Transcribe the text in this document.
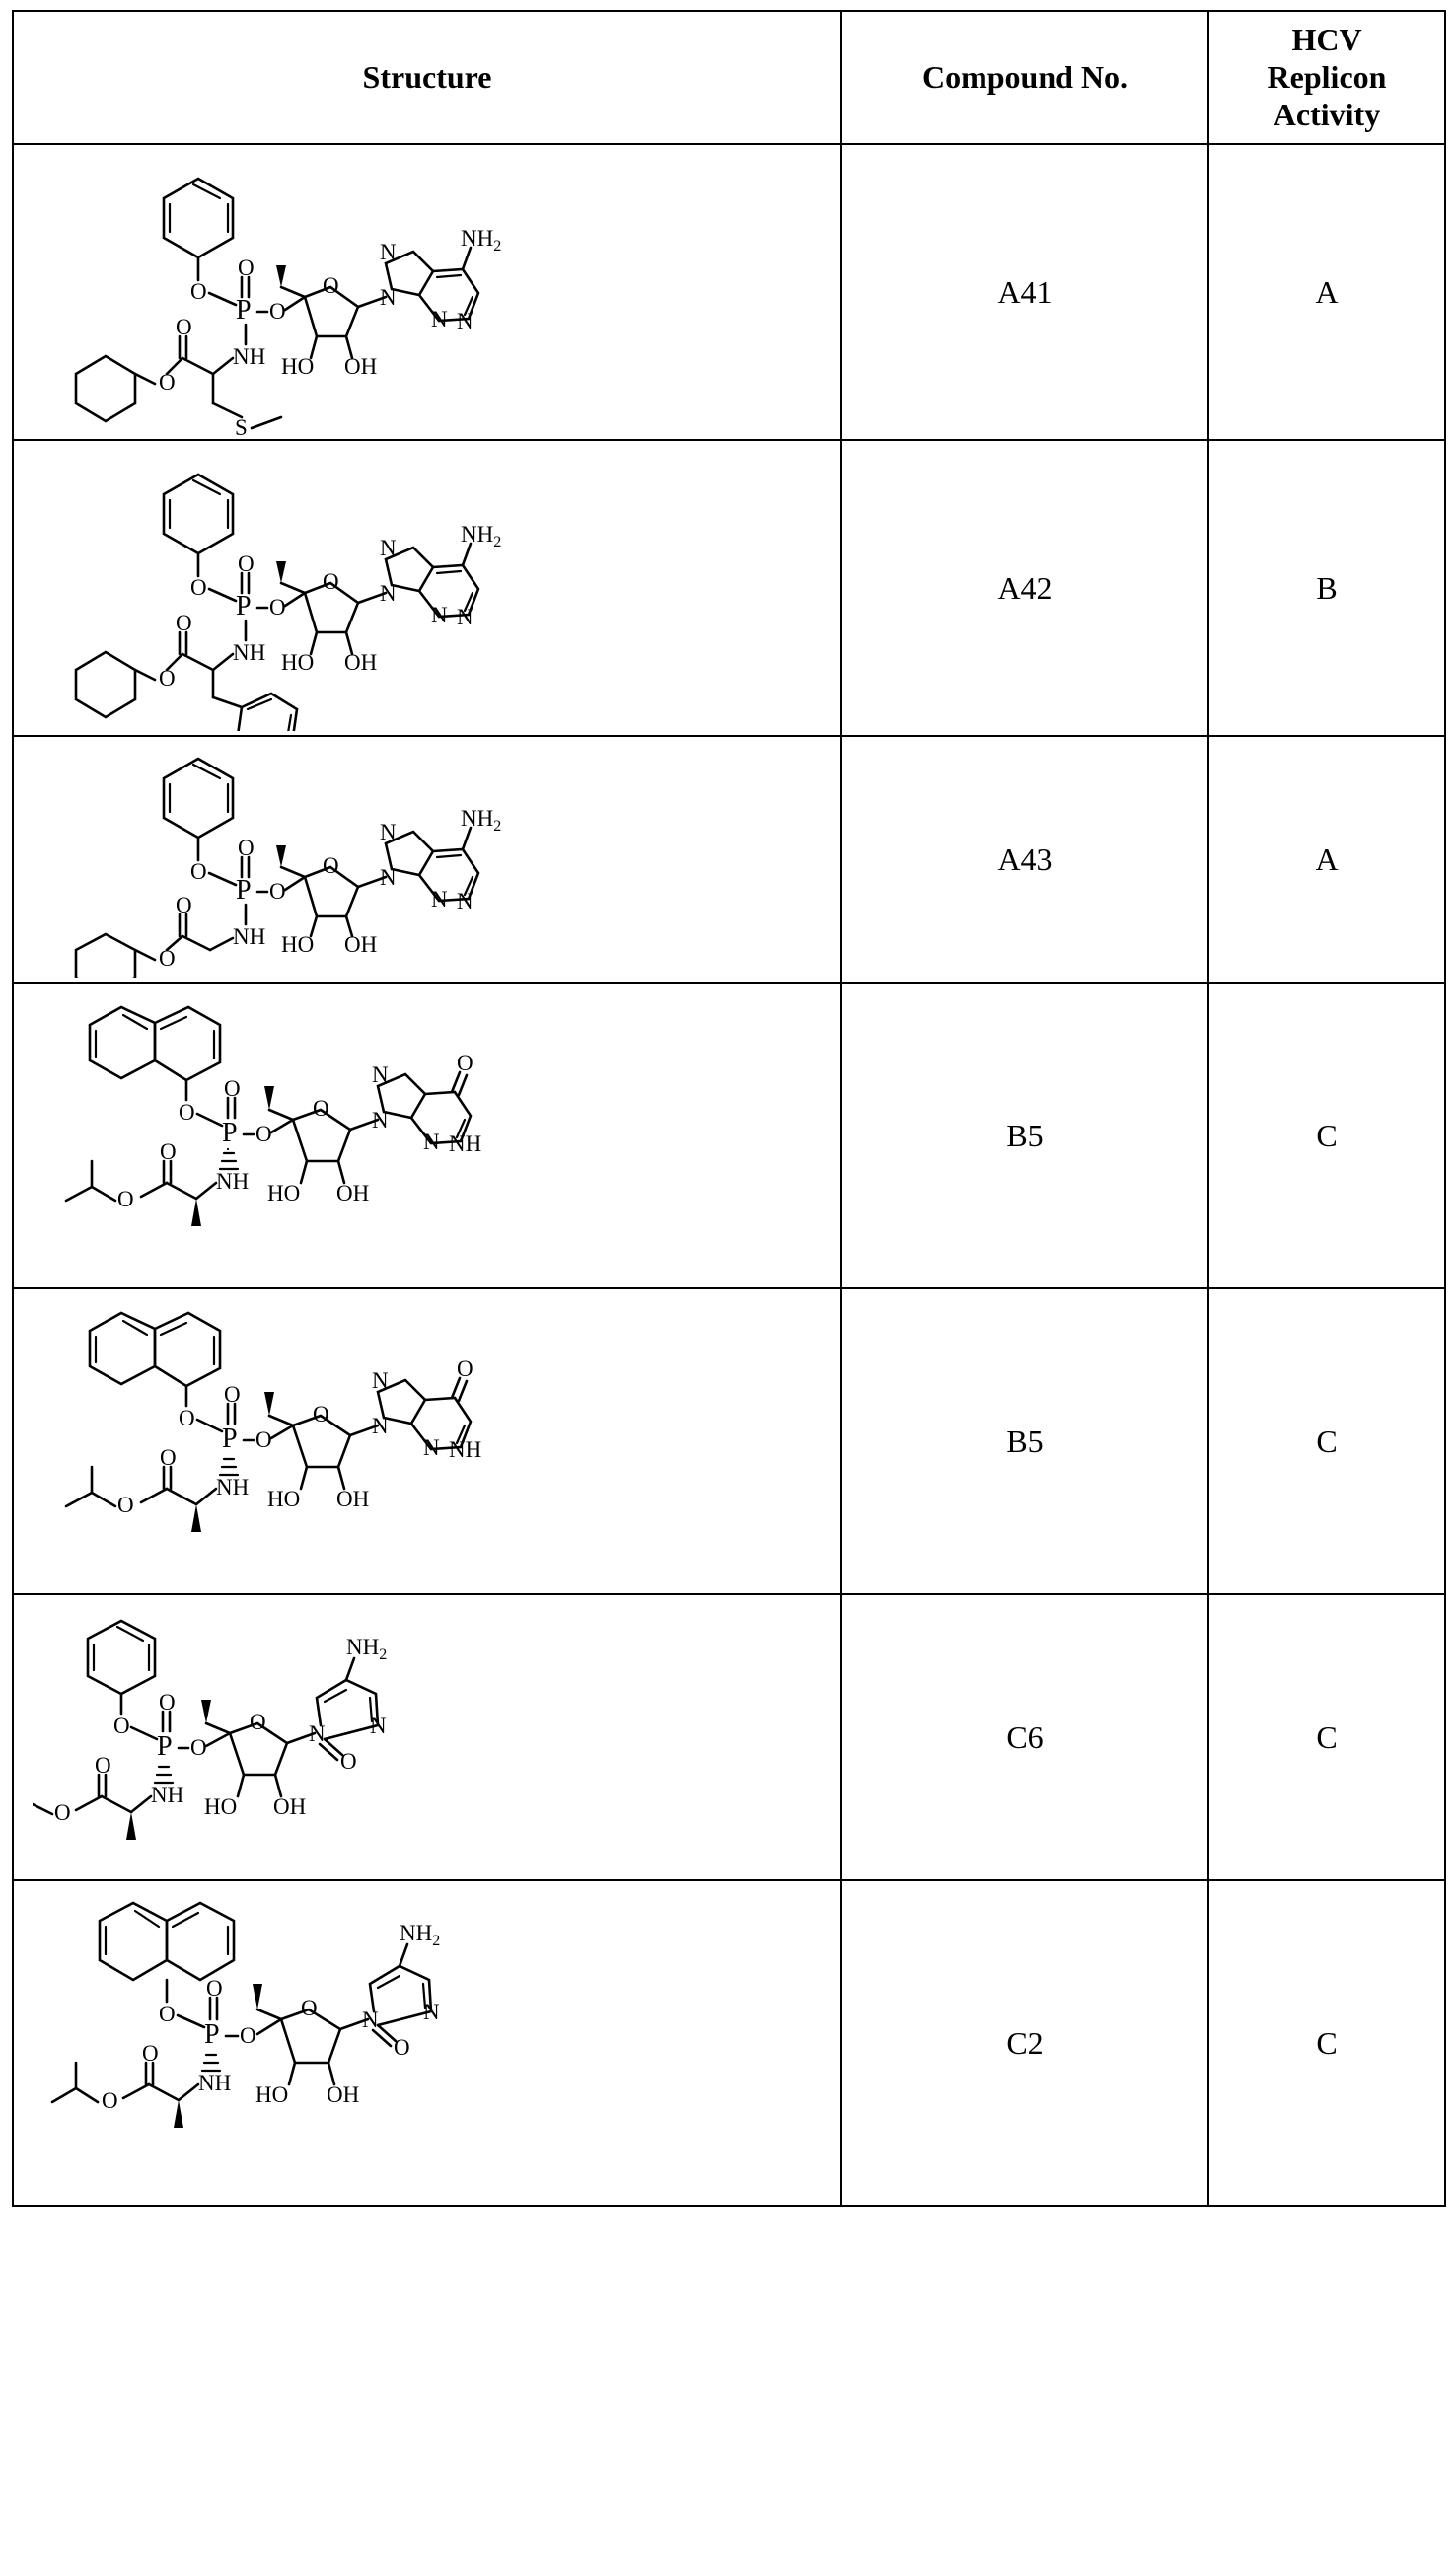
Structure	Compound No.	HCV
Replicon
Activity

O
P
O
O
NH
O
O
S
O
HO OH
N
N
N
N
$NH_2$
	A41	A

O
P
O
O
NH
O
O
O
HO OH
N
N
N
N
$NH_2$
	A42	B

O
P
O
O
NH
O
O
O
HO OH
N
N
N
N
$NH_2$
	A43	A

O
P
O
O
NH
O
O
O
HO OH
N
N
NH
N
O
	B5	C

O
P
O
O
NH
O
O
O
HO OH
N
N
NH
N
O
	B5	C

O
P
O
O
NH
O
O
O
HO OH
N N
$NH_2$
O
	C6	C

O
P
O
O
NH
O
O
O
HO OH
N N
$NH_2$
O	C2	C
